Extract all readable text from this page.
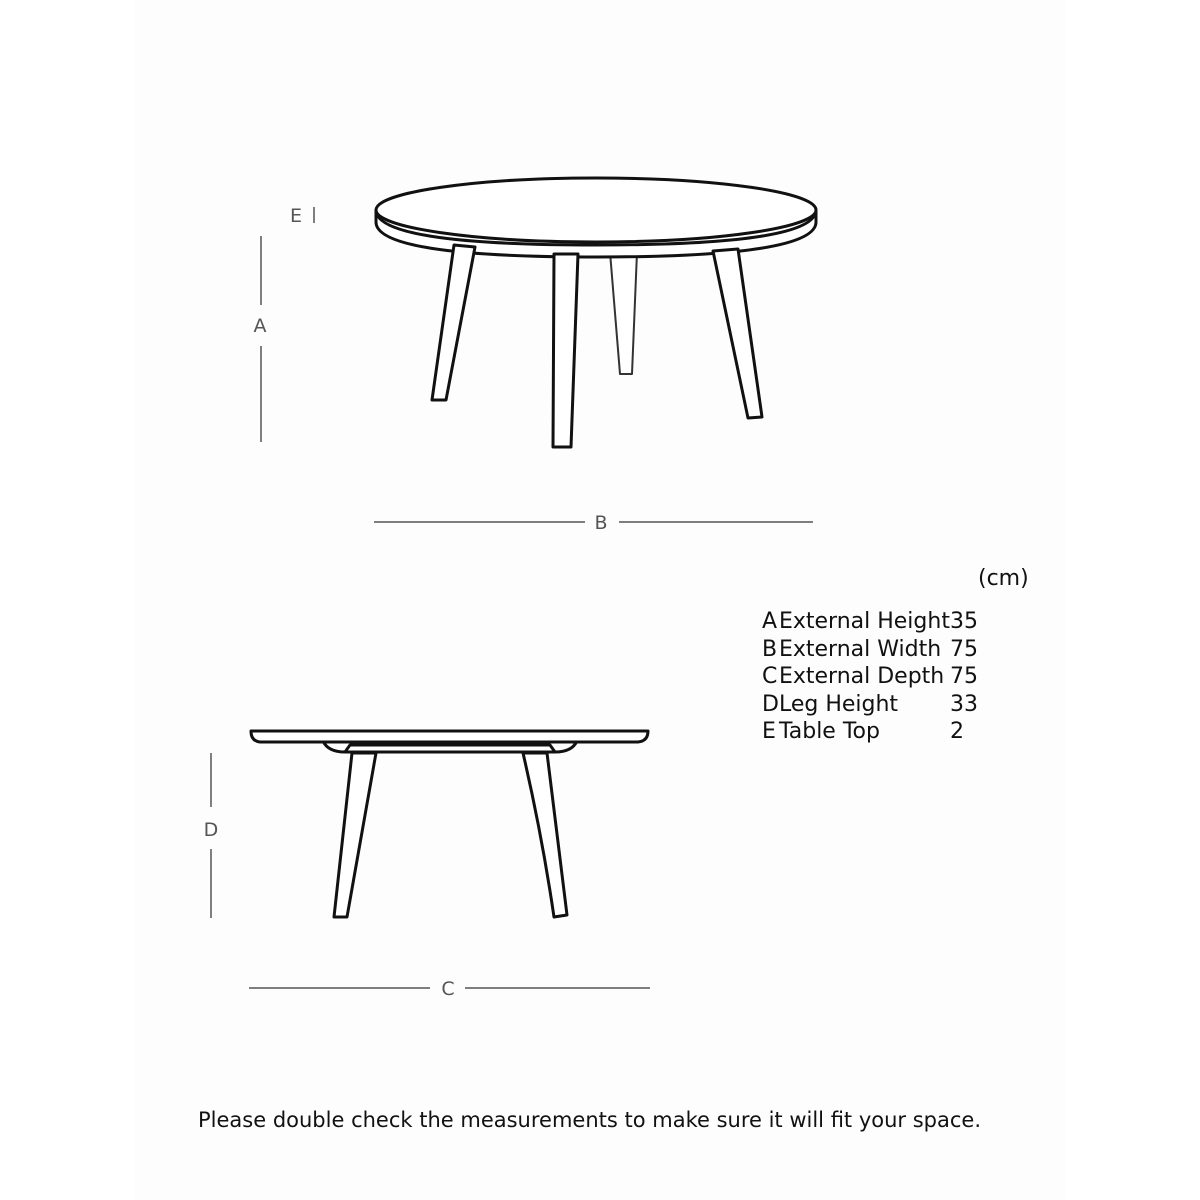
A
E
B
D
C
(cm)
A	External Height	35
B	External Width	75
C	External Depth	75
D	Leg Height	33
E	Table Top	2
Please double check the measurements to make sure it will fit your space.
